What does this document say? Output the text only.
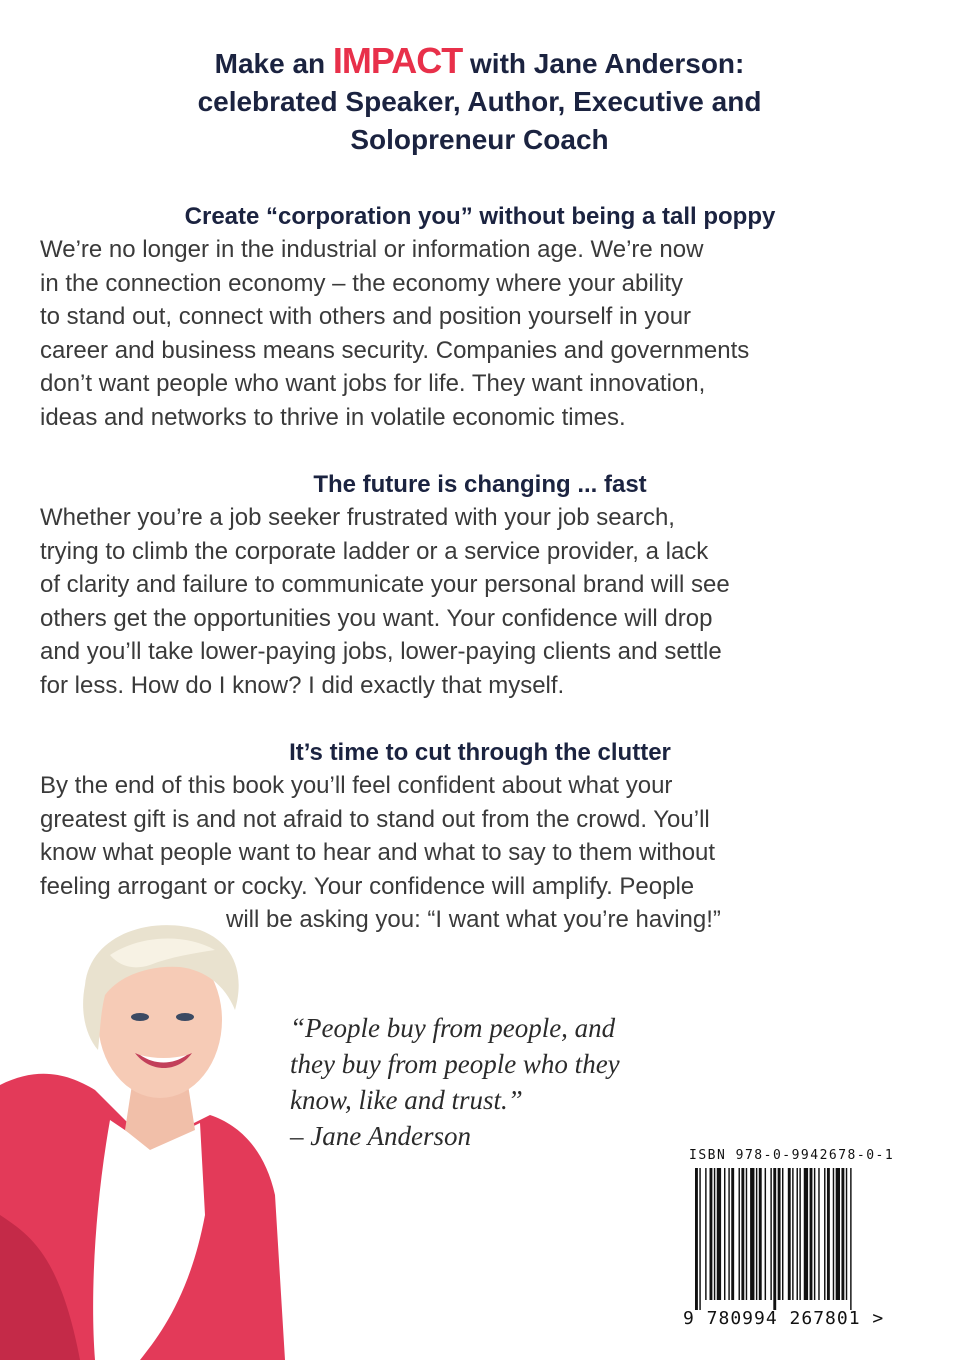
Make an IMPACT with Jane Anderson:
celebrated Speaker, Author, Executive and
Solopreneur Coach
Create “corporation you” without being a tall poppy

We’re no longer in the industrial or information age. We’re now
in the connection economy – the economy where your ability
to stand out, connect with others and position yourself in your
career and business means security. Companies and governments
don’t want people who want jobs for life. They want innovation,
ideas and networks to thrive in volatile economic times.

The future is changing ... fast

Whether you’re a job seeker frustrated with your job search,
trying to climb the corporate ladder or a service provider, a lack
of clarity and failure to communicate your personal brand will see
others get the opportunities you want. Your confidence will drop
and you’ll take lower-paying jobs, lower-paying clients and settle
for less. How do I know? I did exactly that myself.

It’s time to cut through the clutter

By the end of this book you’ll feel confident about what your
greatest gift is and not afraid to stand out from the crowd. You’ll
know what people want to hear and what to say to them without
feeling arrogant or cocky. Your confidence will amplify. People
will be asking you: “I want what you’re having!”

“People buy from people, and
they buy from people who they
know, like and trust.”
– Jane Anderson
ISBN 978-0-9942678-0-1
9 780994 267801 >
